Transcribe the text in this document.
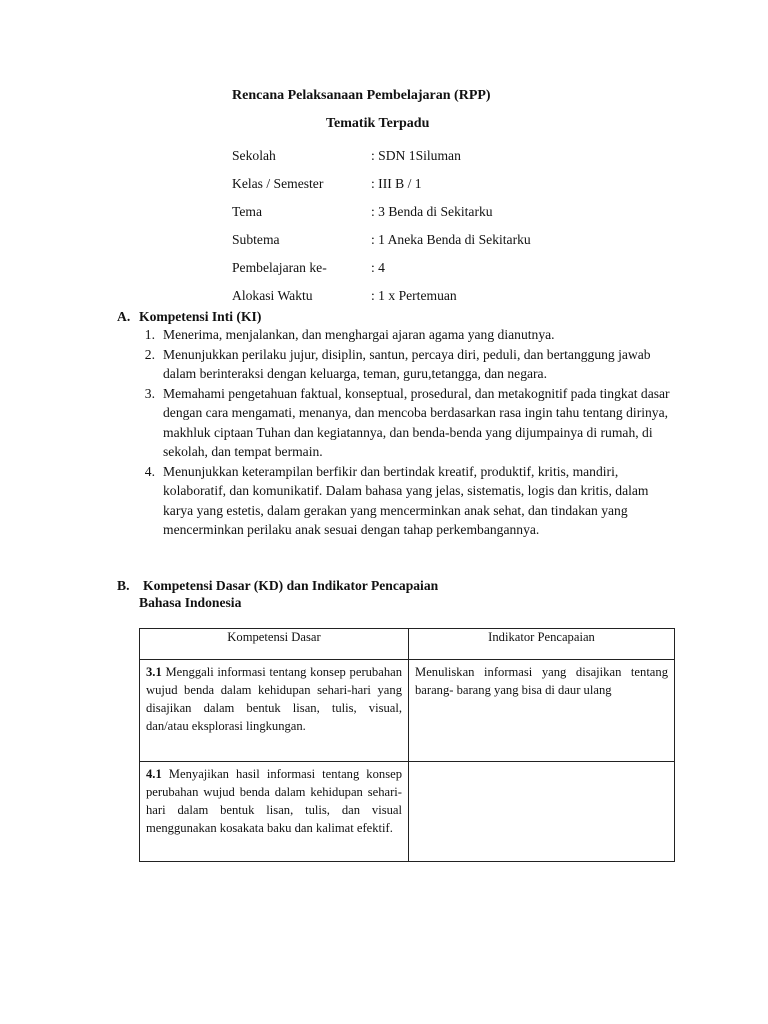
Rencana Pelaksanaan Pembelajaran (RPP)
Tematik Terpadu
Sekolah	: SDN 1Siluman
Kelas / Semester	: III B / 1
Tema	: 3 Benda di Sekitarku
Subtema	: 1 Aneka Benda di Sekitarku
Pembelajaran ke-	: 4
Alokasi Waktu	: 1 x Pertemuan
A. Kompetensi Inti (KI)
1. Menerima, menjalankan, dan menghargai ajaran agama yang dianutnya.
2. Menunjukkan perilaku jujur, disiplin, santun, percaya diri, peduli, dan bertanggung jawab dalam berinteraksi dengan keluarga, teman, guru,tetangga, dan negara.
3. Memahami pengetahuan faktual, konseptual, prosedural, dan metakognitif pada tingkat dasar dengan cara mengamati, menanya, dan mencoba berdasarkan rasa ingin tahu tentang dirinya, makhluk ciptaan Tuhan dan kegiatannya, dan benda-benda yang dijumpainya di rumah, di sekolah, dan tempat bermain.
4. Menunjukkan keterampilan berfikir dan bertindak kreatif, produktif, kritis, mandiri, kolaboratif, dan komunikatif. Dalam bahasa yang jelas, sistematis, logis dan kritis, dalam karya yang estetis, dalam gerakan yang mencerminkan anak sehat, dan tindakan yang mencerminkan perilaku anak sesuai dengan tahap perkembangannya.
B. Kompetensi Dasar (KD) dan Indikator Pencapaian
Bahasa Indonesia
Kompetensi Dasar	Indikator Pencapaian
3.1 Menggali informasi tentang konsep perubahan wujud benda dalam kehidupan sehari-hari yang disajikan dalam bentuk lisan, tulis, visual, dan/atau eksplorasi lingkungan.	Menuliskan informasi yang disajikan tentang barang- barang yang bisa di daur ulang
4.1 Menyajikan hasil informasi tentang konsep perubahan wujud benda dalam kehidupan sehari-hari dalam bentuk lisan, tulis, dan visual menggunakan kosakata baku dan kalimat efektif.	
